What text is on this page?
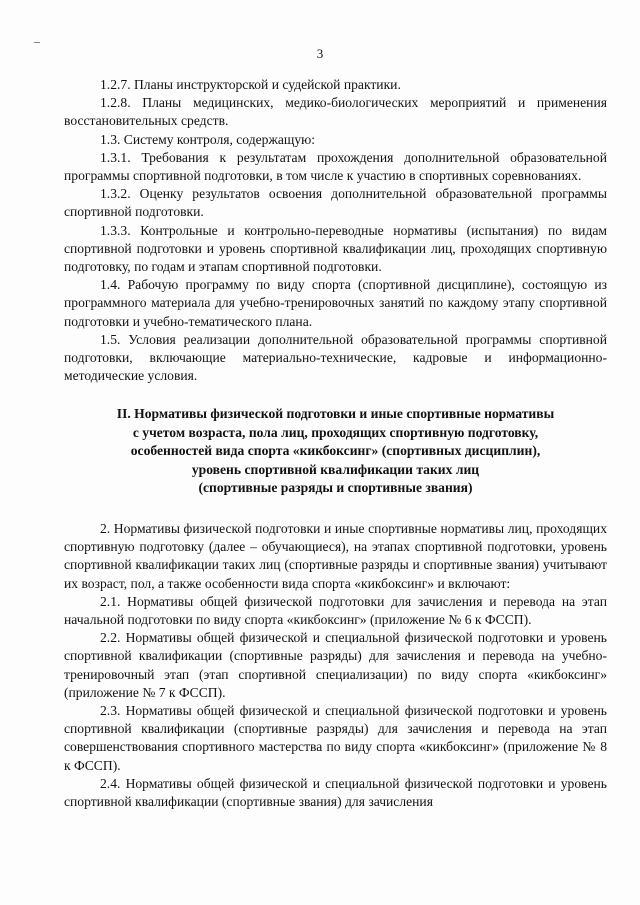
3

1.2.7. Планы инструкторской и судейской практики.

1.2.8. Планы медицинских, медико-биологических мероприятий и применения восстановительных средств.

1.3. Систему контроля, содержащую:

1.3.1. Требования к результатам прохождения дополнительной образовательной программы спортивной подготовки, в том числе к участию в спортивных соревнованиях.

1.3.2. Оценку результатов освоения дополнительной образовательной программы спортивной подготовки.

1.3.3. Контрольные и контрольно-переводные нормативы (испытания) по видам спортивной подготовки и уровень спортивной квалификации лиц, проходящих спортивную подготовку, по годам и этапам спортивной подготовки.

1.4. Рабочую программу по виду спорта (спортивной дисциплине), состоящую из программного материала для учебно-тренировочных занятий по каждому этапу спортивной подготовки и учебно-тематического плана.

1.5. Условия реализации дополнительной образовательной программы спортивной подготовки, включающие материально-технические, кадровые и информационно-методические условия.

II. Нормативы физической подготовки и иные спортивные нормативы
с учетом возраста, пола лиц, проходящих спортивную подготовку,
особенностей вида спорта «кикбоксинг» (спортивных дисциплин),
уровень спортивной квалификации таких лиц
(спортивные разряды и спортивные звания)

2. Нормативы физической подготовки и иные спортивные нормативы лиц, проходящих спортивную подготовку (далее – обучающиеся), на этапах спортивной подготовки, уровень спортивной квалификации таких лиц (спортивные разряды и спортивные звания) учитывают их возраст, пол, а также особенности вида спорта «кикбоксинг» и включают:

2.1. Нормативы общей физической подготовки для зачисления и перевода на этап начальной подготовки по виду спорта «кикбоксинг» (приложение № 6 к ФССП).

2.2. Нормативы общей физической и специальной физической подготовки и уровень спортивной квалификации (спортивные разряды) для зачисления и перевода на учебно-тренировочный этап (этап спортивной специализации) по виду спорта «кикбоксинг» (приложение № 7 к ФССП).

2.3. Нормативы общей физической и специальной физической подготовки и уровень спортивной квалификации (спортивные разряды) для зачисления и перевода на этап совершенствования спортивного мастерства по виду спорта «кикбоксинг» (приложение № 8 к ФССП).

2.4. Нормативы общей физической и специальной физической подготовки и уровень спортивной квалификации (спортивные звания) для зачисления
